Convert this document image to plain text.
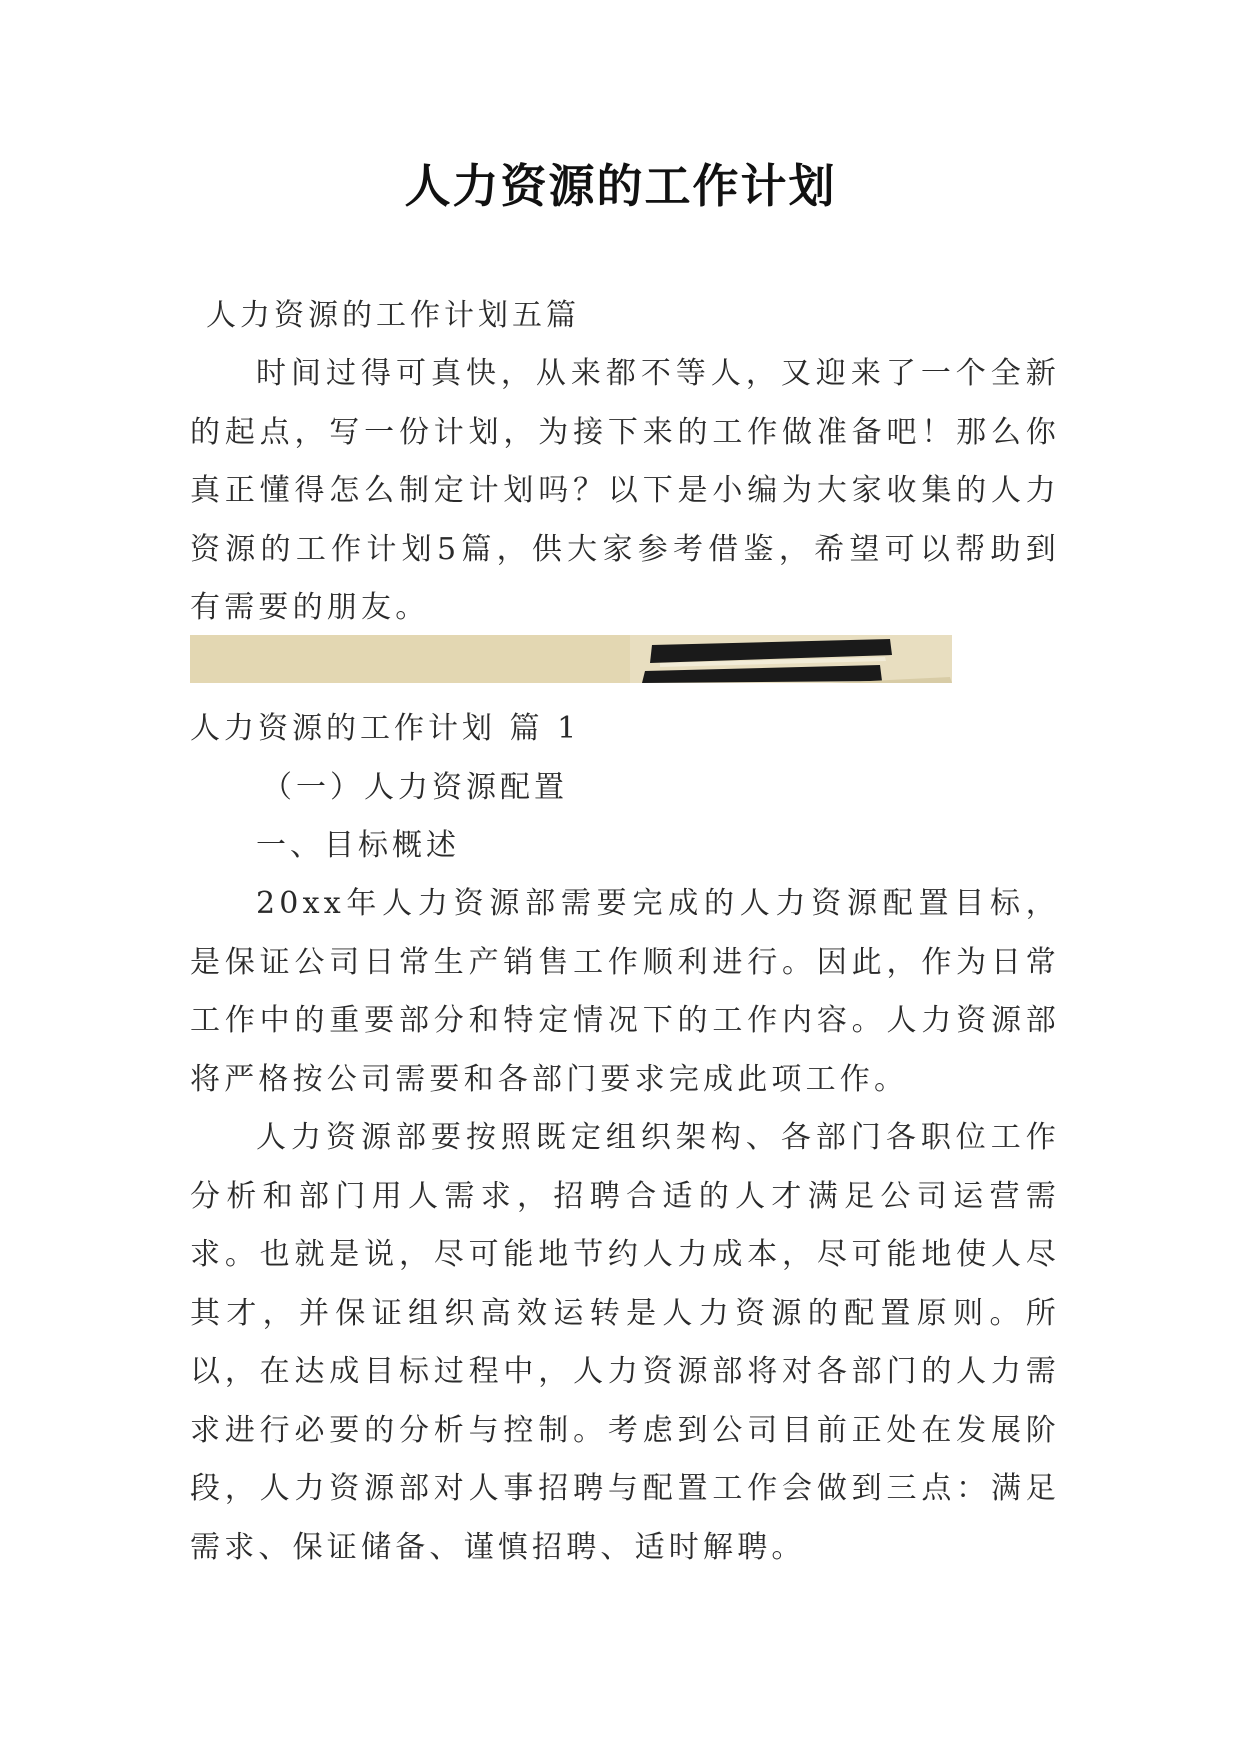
人力资源的工作计划
人力资源的工作计划五篇
时间过得可真快，从来都不等人，又迎来了一个全新的起点，写一份计划，为接下来的工作做准备吧！那么你真正懂得怎么制定计划吗？以下是小编为大家收集的人力资源的工作计划5篇，供大家参考借鉴，希望可以帮助到有需要的朋友。
人力资源的工作计划 篇 1
（一）人力资源配置
一、目标概述
20xx年人力资源部需要完成的人力资源配置目标，是保证公司日常生产销售工作顺利进行。因此，作为日常工作中的重要部分和特定情况下的工作内容。人力资源部将严格按公司需要和各部门要求完成此项工作。
人力资源部要按照既定组织架构、各部门各职位工作分析和部门用人需求，招聘合适的人才满足公司运营需求。也就是说，尽可能地节约人力成本，尽可能地使人尽其才，并保证组织高效运转是人力资源的配置原则。所以，在达成目标过程中，人力资源部将对各部门的人力需求进行必要的分析与控制。考虑到公司目前正处在发展阶段，人力资源部对人事招聘与配置工作会做到三点：满足需求、保证储备、谨慎招聘、适时解聘。
